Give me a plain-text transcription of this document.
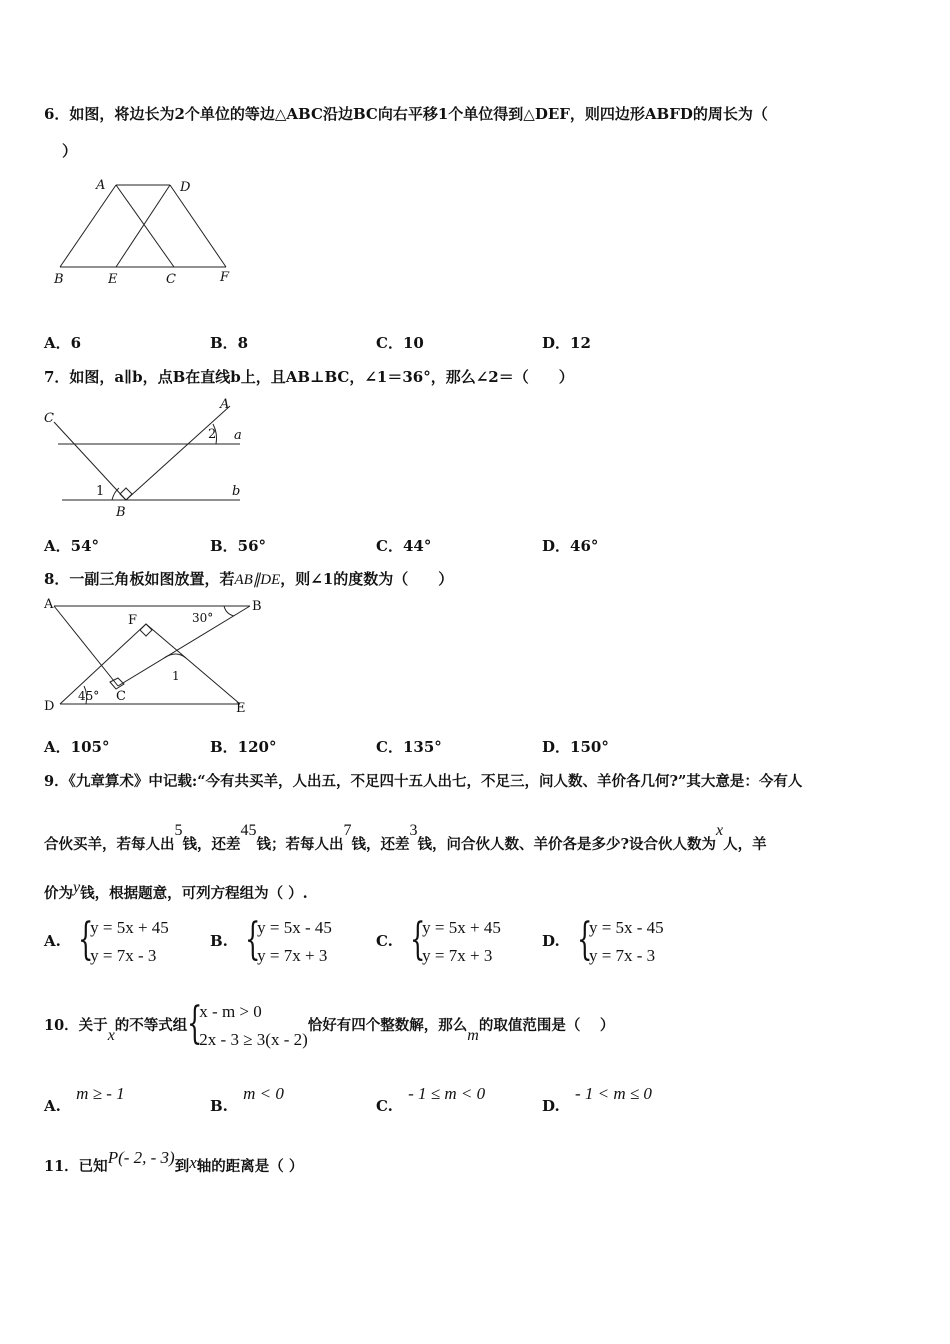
6．如图，将边长为2个单位的等边△ABC沿边BC向右平移1个单位得到△DEF，则四边形ABFD的周长为（
）
A	D
B	E	C	F
A．6	B．8	C．10	D．12
7．如图，a∥b，点B在直线b上，且AB⊥BC，∠1＝36°，那么∠2＝（　　）
C
A
2 a
1	b
B
A．54°	B．56°	C．44°	D．46°
8．一副三角板如图放置，若AB∥DE，则∠1的度数为（　　）
A	B
30°
F
1
D
45° C
E
A．105°	B．120°	C．135°	D．150°
9．《九章算术》中记载:“今有共买羊，人出五，不足四十五人出七，不足三，问人数、羊价各几何?”其大意是：今有人
合伙买羊，若每人出5钱，还差45钱；若每人出7钱，还差3钱，问合伙人数、羊价各是多少?设合伙人数为x人，羊
价为y钱，根据题意，可列方程组为（ ）.
A. {
y = 5x + 45
y = 7x - 3
B. {
y = 5x - 45
y = 7x + 3
C. {
y = 5x + 45
y = 7x + 3
D. {
y = 5x - 45
y = 7x - 3
10．关于x的不等式组 {
x - m > 0
2x - 3 ≥ 3(x - 2)恰好有四个整数解，那么m的取值范围是（　 ）
A. m ≥ - 1
B. m < 0
C. - 1 ≤ m < 0
D. - 1 < m ≤ 0
11．已知P(- 2, - 3)到x轴的距离是（ ）
